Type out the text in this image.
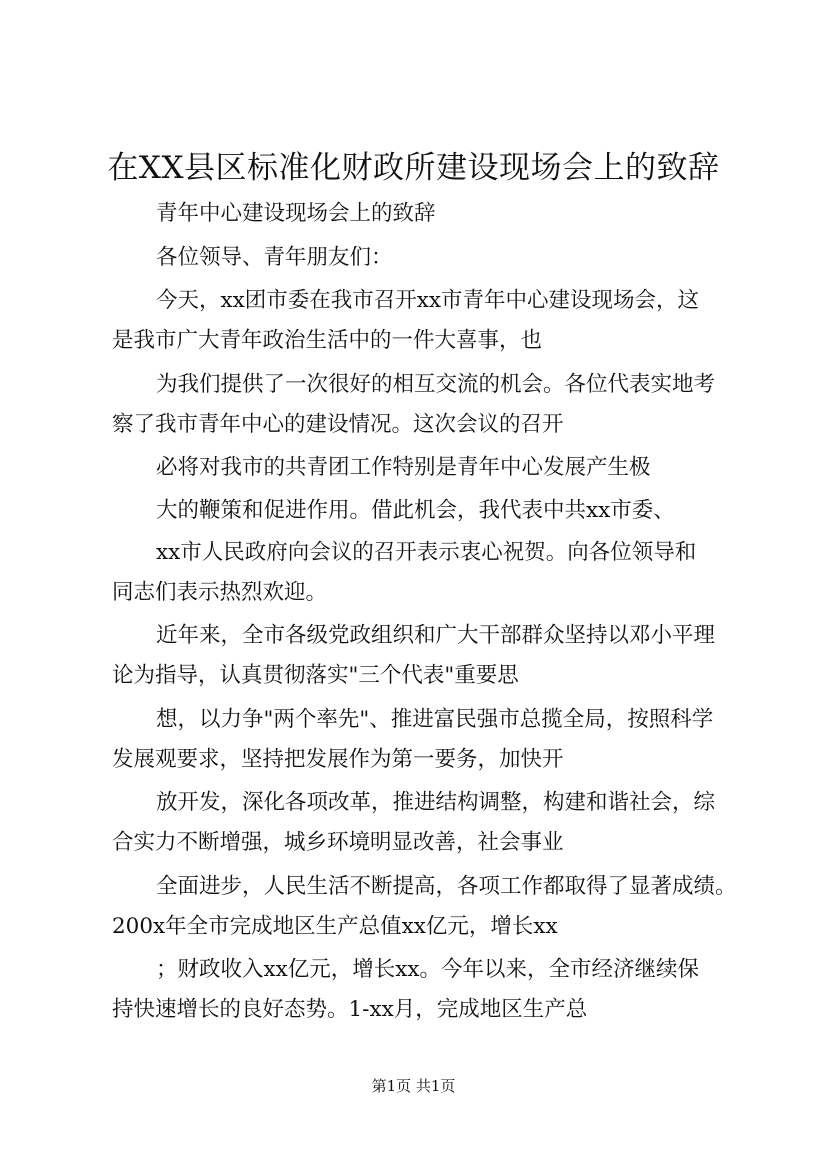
在XX县区标准化财政所建设现场会上的致辞
青年中心建设现场会上的致辞
各位领导、青年朋友们：
今天，xx团市委在我市召开xx市青年中心建设现场会，这
是我市广大青年政治生活中的一件大喜事，也
为我们提供了一次很好的相互交流的机会。各位代表实地考
察了我市青年中心的建设情况。这次会议的召开
必将对我市的共青团工作特别是青年中心发展产生极
大的鞭策和促进作用。借此机会，我代表中共xx市委、
xx市人民政府向会议的召开表示衷心祝贺。向各位领导和
同志们表示热烈欢迎。
近年来，全市各级党政组织和广大干部群众坚持以邓小平理
论为指导，认真贯彻落实"三个代表"重要思
想，以力争"两个率先"、推进富民强市总揽全局，按照科学
发展观要求，坚持把发展作为第一要务，加快开
放开发，深化各项改革，推进结构调整，构建和谐社会，综
合实力不断增强，城乡环境明显改善，社会事业
全面进步，人民生活不断提高，各项工作都取得了显著成绩。
200x年全市完成地区生产总值xx亿元，增长xx
；财政收入xx亿元，增长xx。今年以来，全市经济继续保
持快速增长的良好态势。1-xx月，完成地区生产总
第1页 共1页
